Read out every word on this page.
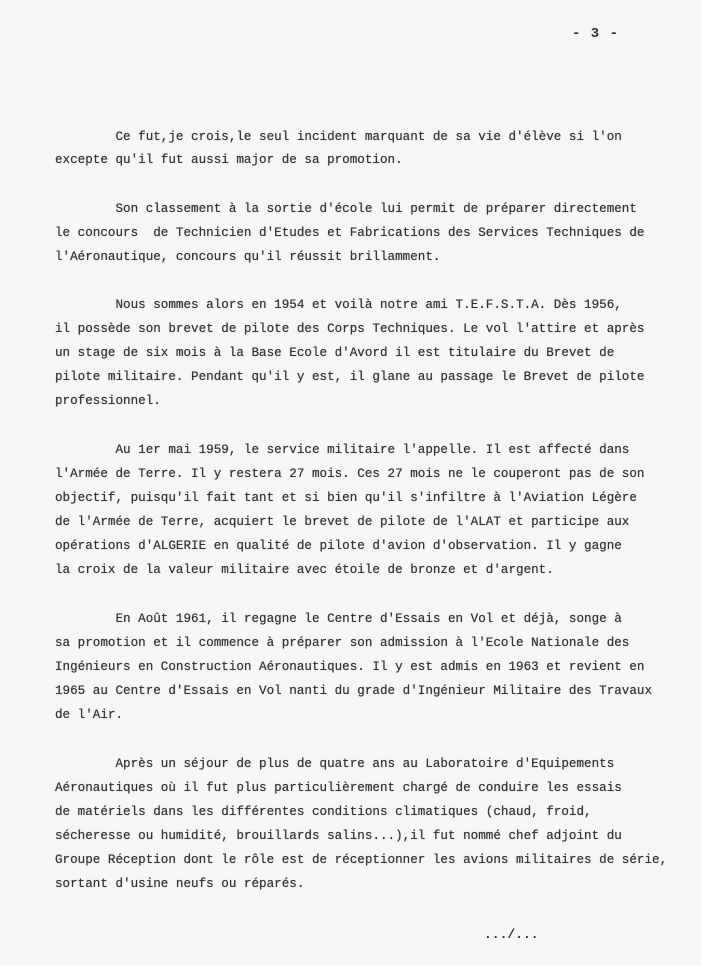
- 3 -
Ce fut,je crois,le seul incident marquant de sa vie d'élève si l'on
excepte qu'il fut aussi major de sa promotion.
Son classement à la sortie d'école lui permit de préparer directement
le concours  de Technicien d'Etudes et Fabrications des Services Techniques de
l'Aéronautique, concours qu'il réussit brillamment.
Nous sommes alors en 1954 et voilà notre ami T.E.F.S.T.A. Dès 1956,
il possède son brevet de pilote des Corps Techniques. Le vol l'attire et après
un stage de six mois à la Base Ecole d'Avord il est titulaire du Brevet de
pilote militaire. Pendant qu'il y est, il glane au passage le Brevet de pilote
professionnel.
Au 1er mai 1959, le service militaire l'appelle. Il est affecté dans
l'Armée de Terre. Il y restera 27 mois. Ces 27 mois ne le couperont pas de son
objectif, puisqu'il fait tant et si bien qu'il s'infiltre à l'Aviation Légère
de l'Armée de Terre, acquiert le brevet de pilote de l'ALAT et participe aux
opérations d'ALGERIE en qualité de pilote d'avion d'observation. Il y gagne
la croix de la valeur militaire avec étoile de bronze et d'argent.
En Août 1961, il regagne le Centre d'Essais en Vol et déjà, songe à
sa promotion et il commence à préparer son admission à l'Ecole Nationale des
Ingénieurs en Construction Aéronautiques. Il y est admis en 1963 et revient en
1965 au Centre d'Essais en Vol nanti du grade d'Ingénieur Militaire des Travaux
de l'Air.
Après un séjour de plus de quatre ans au Laboratoire d'Equipements
Aéronautiques où il fut plus particulièrement chargé de conduire les essais
de matériels dans les différentes conditions climatiques (chaud, froid,
sécheresse ou humidité, brouillards salins...),il fut nommé chef adjoint du
Groupe Réception dont le rôle est de réceptionner les avions militaires de série,
sortant d'usine neufs ou réparés.
.../...
